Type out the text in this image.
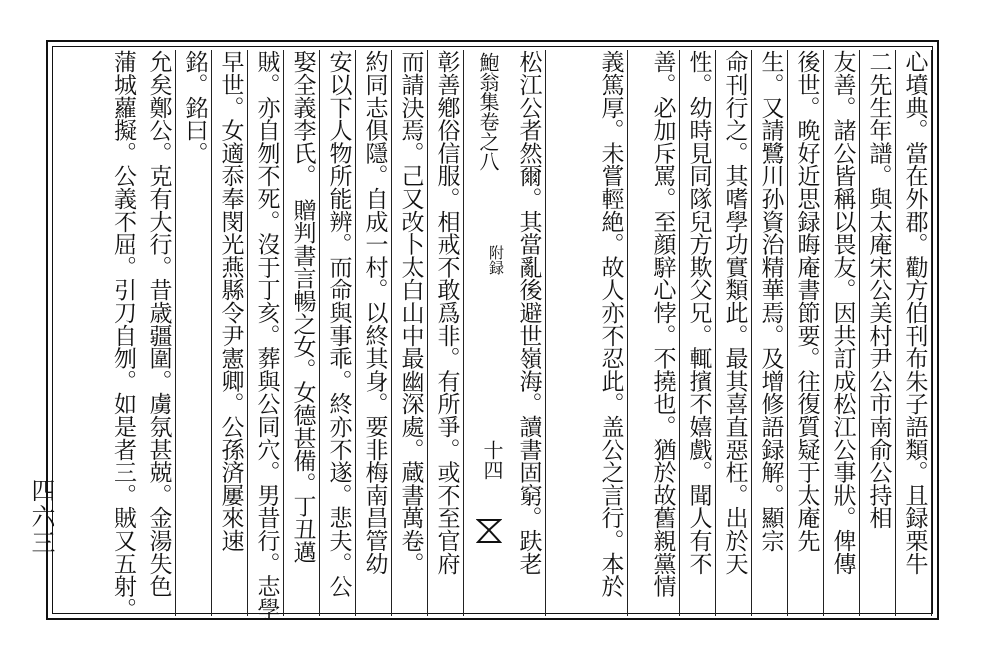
心墳典。當在外郡。勸方伯刊布朱子語類。且録栗牛
二先生年譜。與太庵宋公美村尹公市南俞公持相
友善。諸公皆稱以畏友。因共訂成松江公事狀。俾傳
後世。晩好近思録晦庵書節要。往復質疑于太庵先
生。又請鷺川孙資治精華焉。及增修語録解。顯宗
命刊行之。其嗜學功實類此。最其喜直惡枉。出於天
性。幼時見同隊兒方欺父兄。輒擯不嬉戲。聞人有不
善。必加斥罵。至顔騂心悖。不撓也。猶於故舊親黨情
義篤厚。未嘗輕絶。故人亦不忍此。盖公之言行。本於
松江公者然爾。其當亂後避世嶺海。讀書固窮。趺老
鮑翁集卷之八
附録
十四
彰善鄕俗信服。相戒不敢爲非。有所爭。或不至官府
而請決焉。己又改卜太白山中最幽深處。蔵書萬卷。
約同志俱隱。自成一村。以終其身。要非梅南昌管幼
安以下人物所能辨。而命與事乖。終亦不遂。悲夫。公
娶全義李氏。　贈判書言暢之女。女德甚備。丁丑邁
賊。亦自刎不死。沒于丁亥。葬與公同穴。男昔行。志學
早世。女適忝奉閔光燕縣令尹憲卿。公孫済屢來速
銘。銘曰。
允矣鄭公。克有大行。昔歳疆圍。虜氛甚兢。金湯失色
蒲城蘿擬。公義不屈。引刀自刎。如是者三。賊又五射。
四六三
